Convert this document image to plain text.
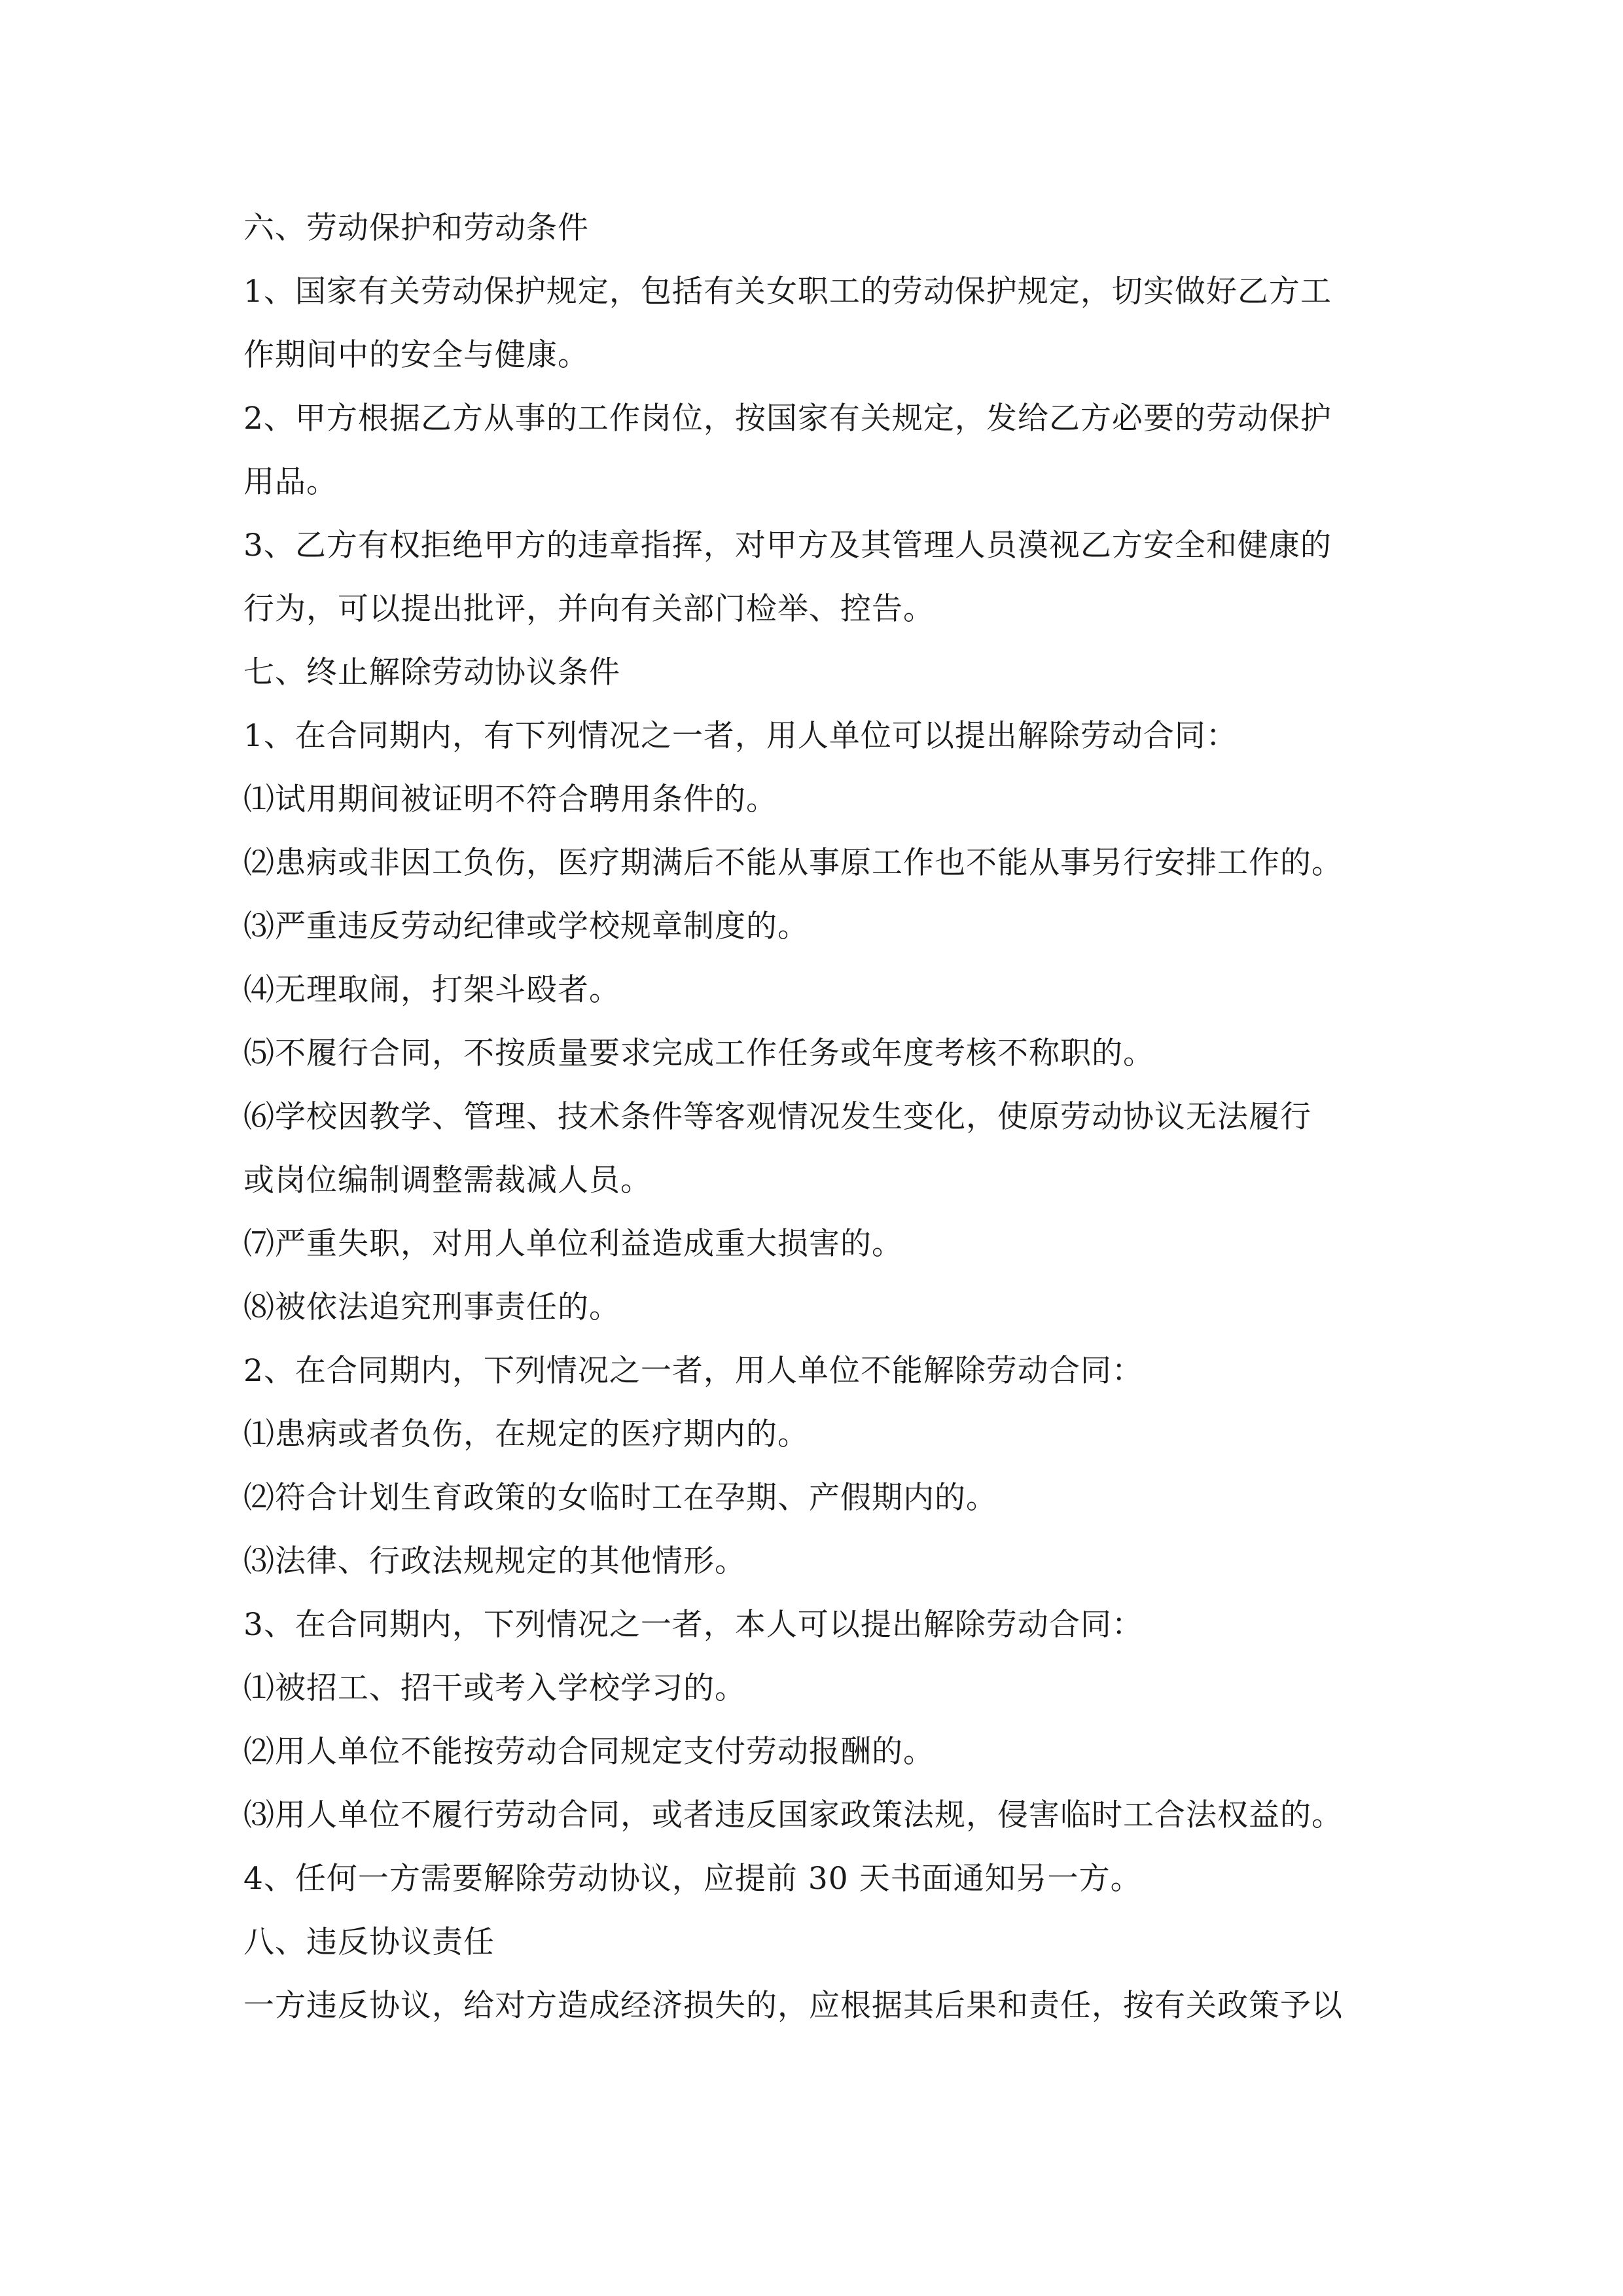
六、劳动保护和劳动条件
1、国家有关劳动保护规定，包括有关女职工的劳动保护规定，切实做好乙方工
作期间中的安全与健康。
2、甲方根据乙方从事的工作岗位，按国家有关规定，发给乙方必要的劳动保护
用品。
3、乙方有权拒绝甲方的违章指挥，对甲方及其管理人员漠视乙方安全和健康的
行为，可以提出批评，并向有关部门检举、控告。
七、终止解除劳动协议条件
1、在合同期内，有下列情况之一者，用人单位可以提出解除劳动合同：
⑴试用期间被证明不符合聘用条件的。
⑵患病或非因工负伤，医疗期满后不能从事原工作也不能从事另行安排工作的。
⑶严重违反劳动纪律或学校规章制度的。
⑷无理取闹，打架斗殴者。
⑸不履行合同，不按质量要求完成工作任务或年度考核不称职的。
⑹学校因教学、管理、技术条件等客观情况发生变化，使原劳动协议无法履行
或岗位编制调整需裁减人员。
⑺严重失职，对用人单位利益造成重大损害的。
⑻被依法追究刑事责任的。
2、在合同期内，下列情况之一者，用人单位不能解除劳动合同：
⑴患病或者负伤，在规定的医疗期内的。
⑵符合计划生育政策的女临时工在孕期、产假期内的。
⑶法律、行政法规规定的其他情形。
3、在合同期内，下列情况之一者，本人可以提出解除劳动合同：
⑴被招工、招干或考入学校学习的。
⑵用人单位不能按劳动合同规定支付劳动报酬的。
⑶用人单位不履行劳动合同，或者违反国家政策法规，侵害临时工合法权益的。
4、任何一方需要解除劳动协议，应提前 30 天书面通知另一方。
八、违反协议责任
一方违反协议，给对方造成经济损失的，应根据其后果和责任，按有关政策予以
